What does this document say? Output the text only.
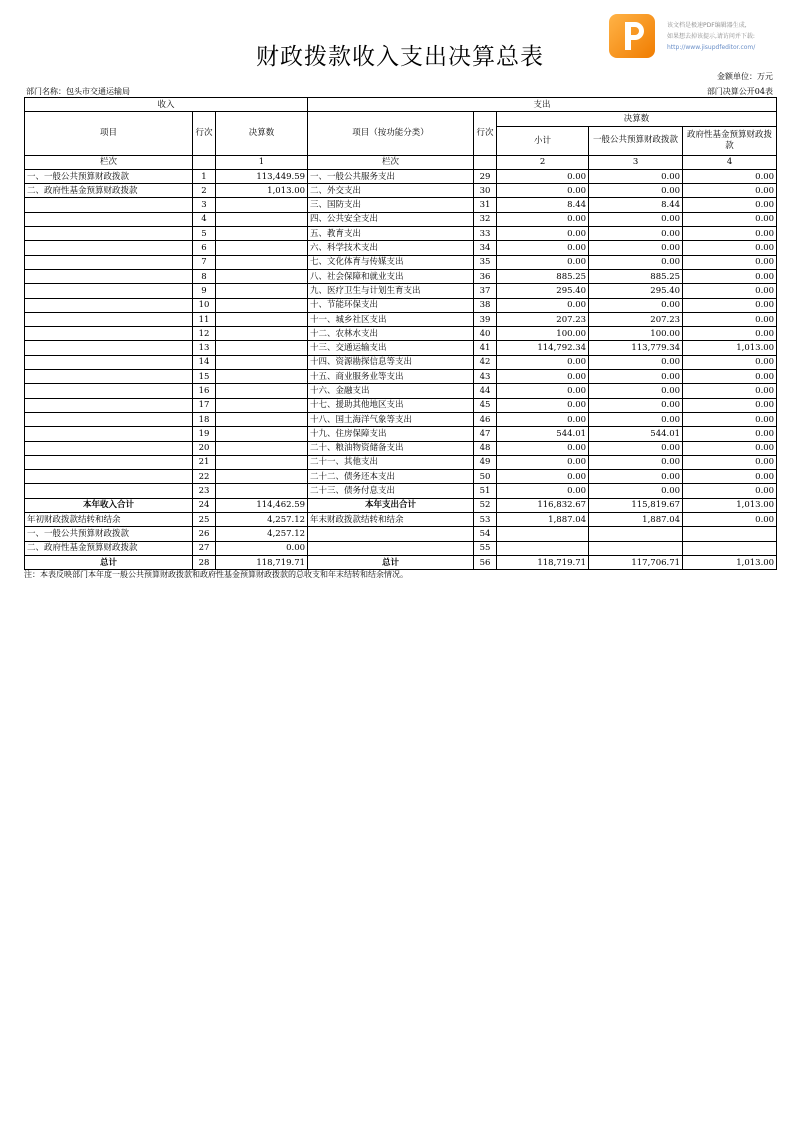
该文档是极速PDF编辑器生成,
如果想去掉该提示,请访问并下载:
http://www.jisupdfeditor.com/
财政拨款收入支出决算总表
金额单位：万元
部门名称：包头市交通运输局	部门决算公开04表
收入			支出				
项目	行次	决算数	项目（按功能分类）	行次	决算数		
					小计	一般公共预算财政拨款	政府性基金预算财政拨款
栏次		1	栏次		2	3	4
一、一般公共预算财政拨款	1	113,449.59	一、一般公共服务支出	29	0.00	0.00	0.00
二、政府性基金预算财政拨款	2	1,013.00	二、外交支出	30	0.00	0.00	0.00
	3		三、国防支出	31	8.44	8.44	0.00
	4		四、公共安全支出	32	0.00	0.00	0.00
	5		五、教育支出	33	0.00	0.00	0.00
	6		六、科学技术支出	34	0.00	0.00	0.00
	7		七、文化体育与传媒支出	35	0.00	0.00	0.00
	8		八、社会保障和就业支出	36	885.25	885.25	0.00
	9		九、医疗卫生与计划生育支出	37	295.40	295.40	0.00
	10		十、节能环保支出	38	0.00	0.00	0.00
	11		十一、城乡社区支出	39	207.23	207.23	0.00
	12		十二、农林水支出	40	100.00	100.00	0.00
	13		十三、交通运输支出	41	114,792.34	113,779.34	1,013.00
	14		十四、资源勘探信息等支出	42	0.00	0.00	0.00
	15		十五、商业服务业等支出	43	0.00	0.00	0.00
	16		十六、金融支出	44	0.00	0.00	0.00
	17		十七、援助其他地区支出	45	0.00	0.00	0.00
	18		十八、国土海洋气象等支出	46	0.00	0.00	0.00
	19		十九、住房保障支出	47	544.01	544.01	0.00
	20		二十、粮油物资储备支出	48	0.00	0.00	0.00
	21		二十一、其他支出	49	0.00	0.00	0.00
	22		二十二、债务还本支出	50	0.00	0.00	0.00
	23		二十三、债务付息支出	51	0.00	0.00	0.00
本年收入合计	24	114,462.59	本年支出合计	52	116,832.67	115,819.67	1,013.00
年初财政拨款结转和结余	25	4,257.12	年末财政拨款结转和结余	53	1,887.04	1,887.04	0.00
一、一般公共预算财政拨款	26	4,257.12		54			
二、政府性基金预算财政拨款	27	0.00		55			
总计	28	118,719.71	总计	56	118,719.71	117,706.71	1,013.00
注：本表反映部门本年度一般公共预算财政拨款和政府性基金预算财政拨款的总收支和年末结转和结余情况。
